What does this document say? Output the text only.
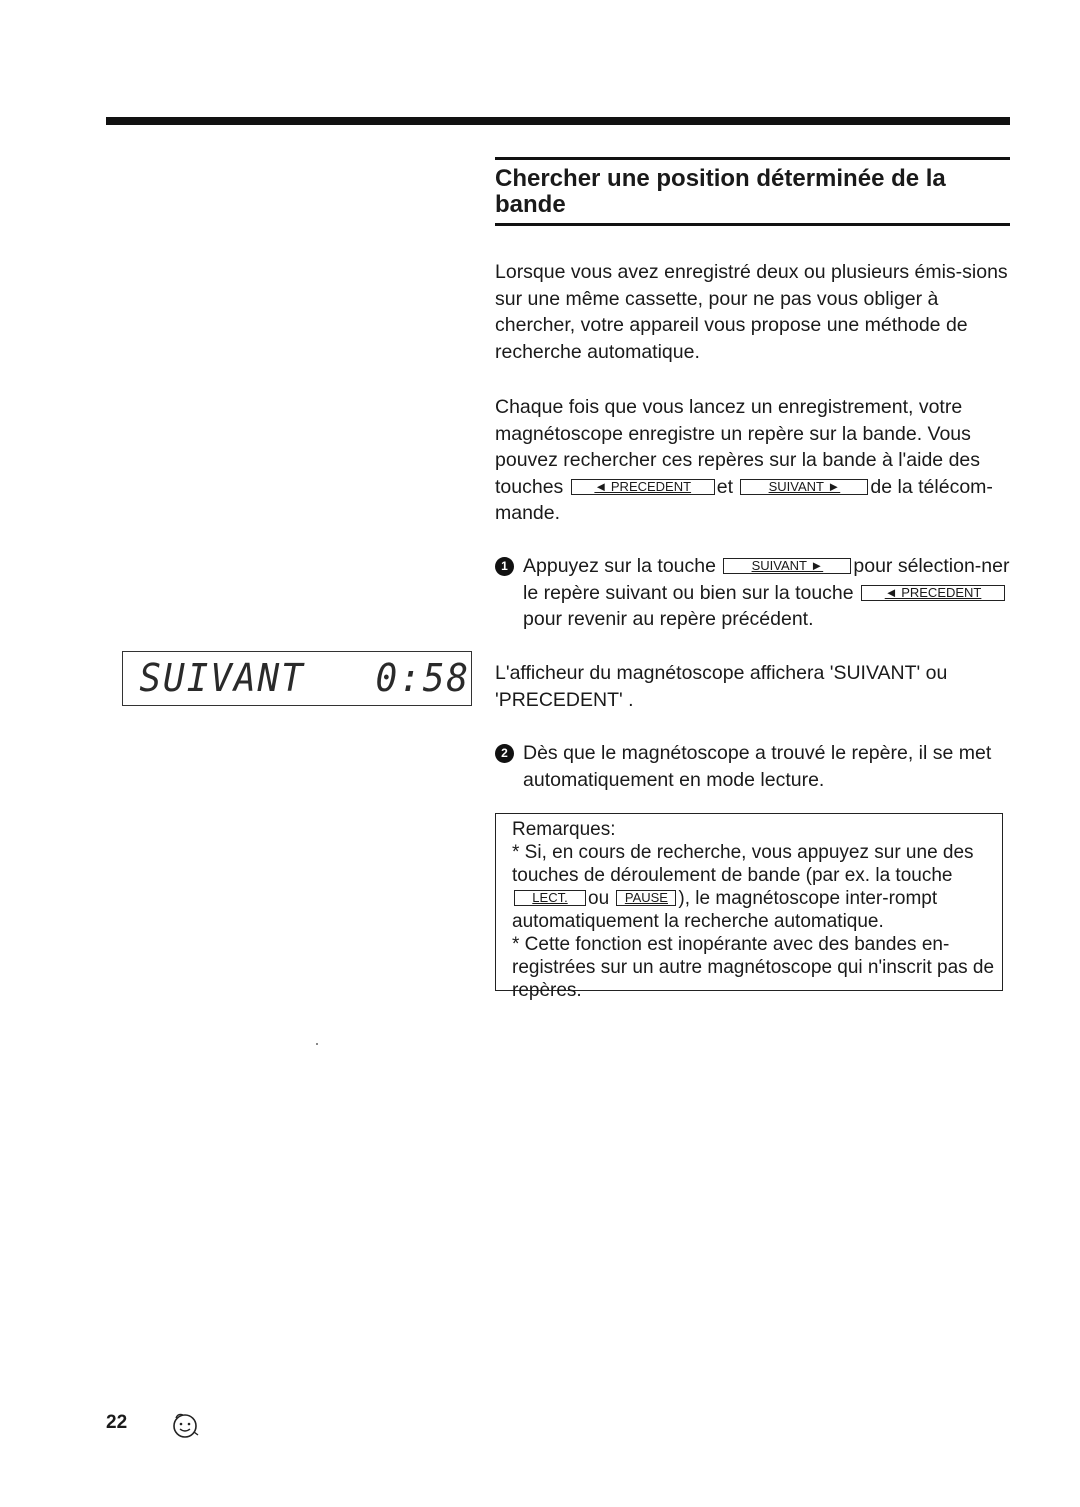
Chercher une position déterminée de la bande

Lorsque vous avez enregistré deux ou plusieurs émis-sions sur une même cassette, pour ne pas vous obliger à chercher, votre appareil vous propose une méthode de recherche automatique.

Chaque fois que vous lancez un enregistrement, votre magnétoscope enregistre un repère sur la bande. Vous pouvez rechercher ces repères sur la bande à l'aide des touches ◄ PRECEDENT et	SUIVANT ► de la télécom-mande.

1 Appuyez sur la touche	SUIVANT ► pour sélection-ner le repère suivant ou bien sur la touche ◄ PRECEDENT pour revenir au repère précédent.

L'afficheur du magnétoscope affichera 'SUIVANT' ou 'PRECEDENT' .

2 Dès que le magnétoscope a trouvé le repère, il se met automatiquement en mode lecture.
Remarques:
* Si, en cours de recherche, vous appuyez sur une des touches de déroulement de bande (par ex. la touche LECT. ou PAUSE ), le magnétoscope inter-rompt automatiquement la recherche automatique.
* Cette fonction est inopérante avec des bandes en-registrées sur un autre magnétoscope qui n'inscrit pas de repères.
SUIVANT 0:58
22
